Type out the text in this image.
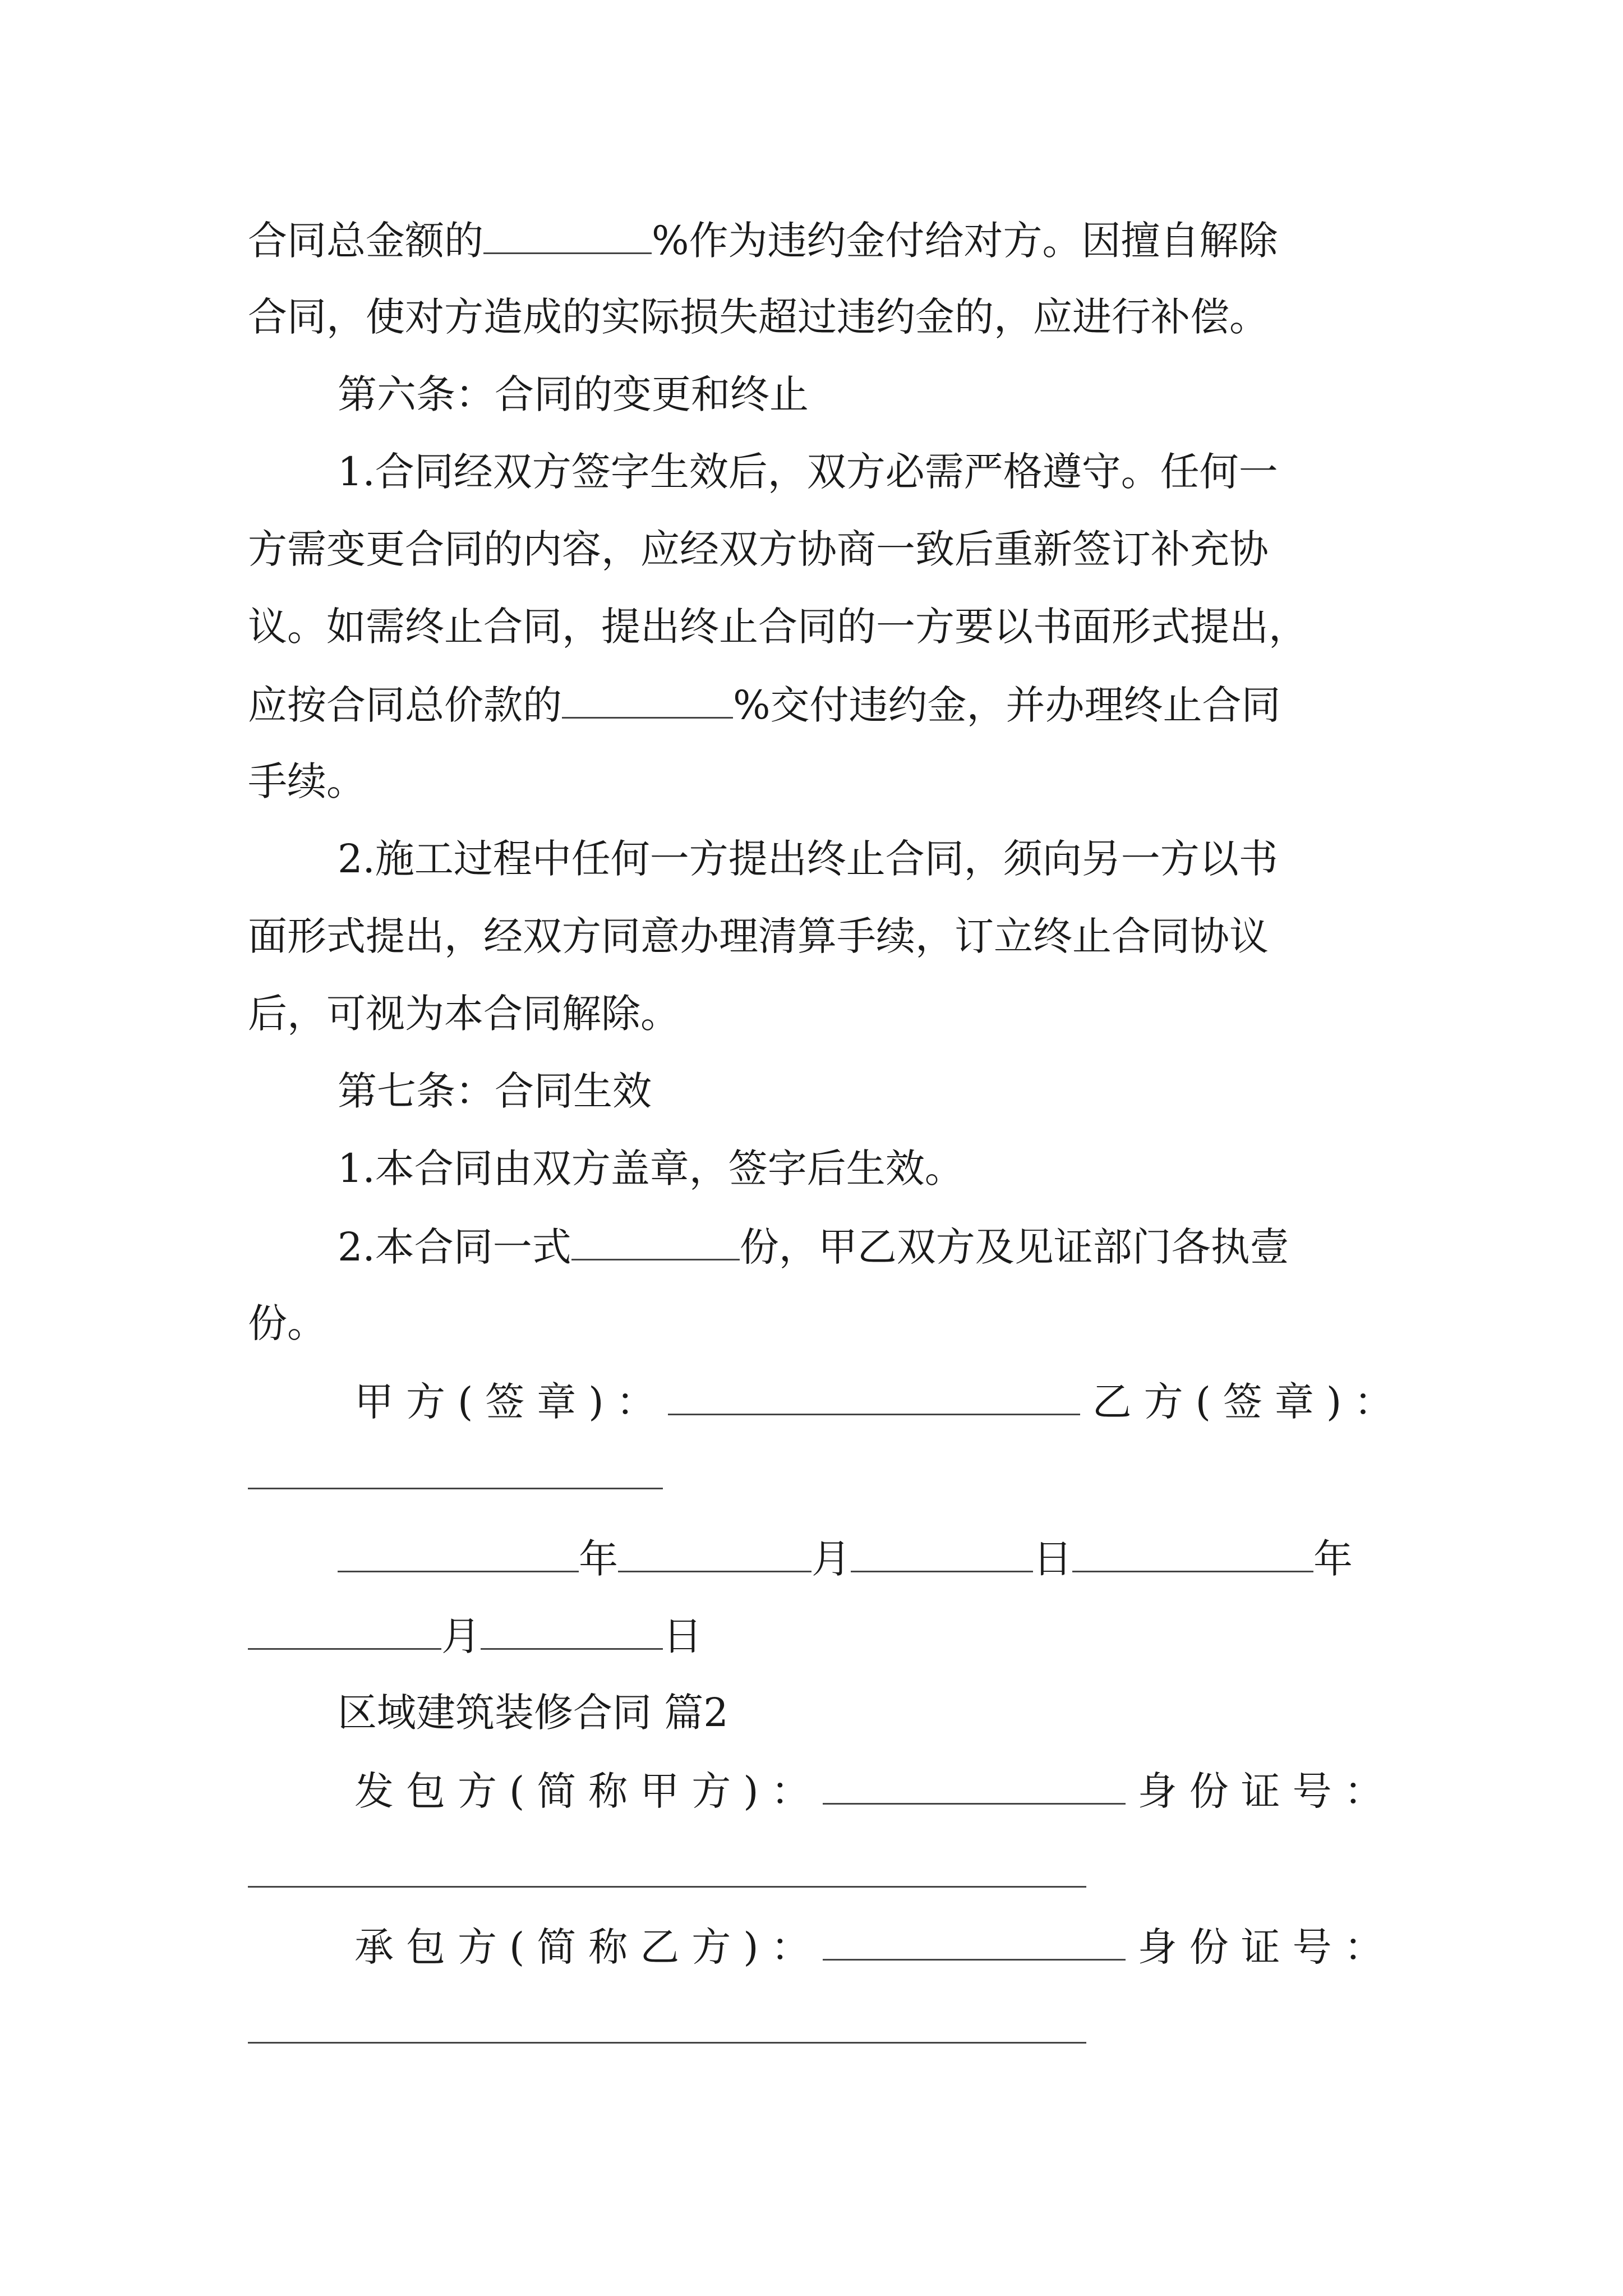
合同总金额的	%作为违约金付给对方。因擅自解除
合同，使对方造成的实际损失超过违约金的，应进行补偿。
第六条：合同的变更和终止
1.合同经双方签字生效后，双方必需严格遵守。任何一
方需变更合同的内容，应经双方协商一致后重新签订补充协
议。如需终止合同，提出终止合同的一方要以书面形式提出，
应按合同总价款的	%交付违约金，并办理终止合同
手续。
2.施工过程中任何一方提出终止合同，须向另一方以书
面形式提出，经双方同意办理清算手续，订立终止合同协议
后，可视为本合同解除。
第七条：合同生效
1.本合同由双方盖章，签字后生效。
2.本合同一式	份，甲乙双方及见证部门各执壹
份。
甲方(签章)：	乙方(签章)：
年	月	日	年
月	日
区域建筑装修合同 篇2
发包方(简称甲方)：	身份证号：
承包方(简称乙方)：	身份证号：
